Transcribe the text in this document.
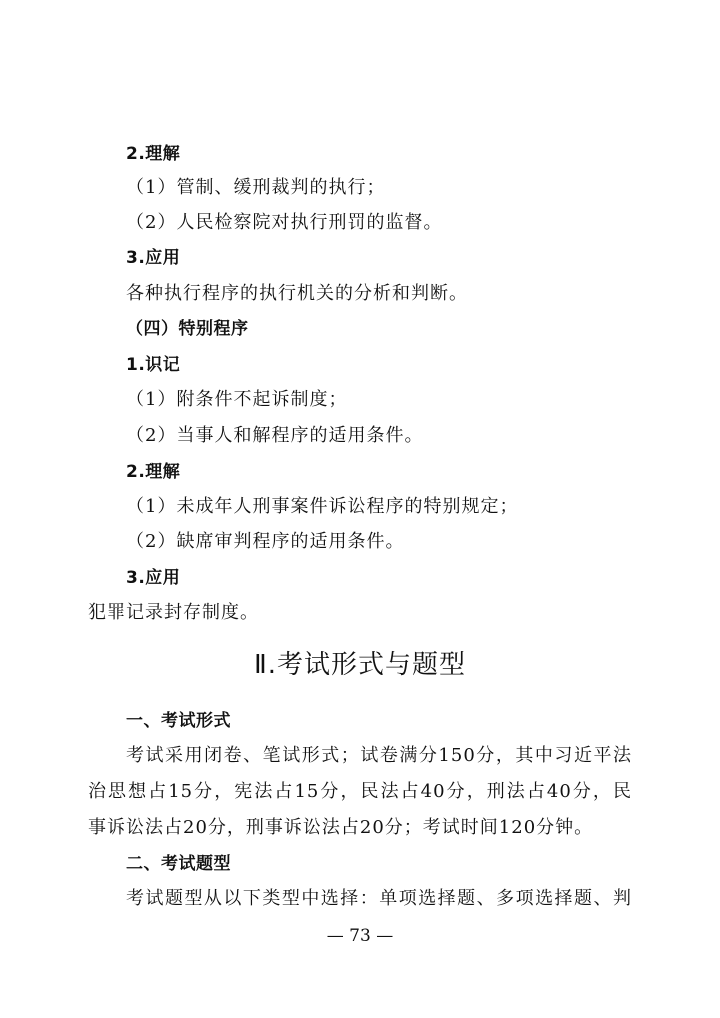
2.理解
（1）管制、缓刑裁判的执行；
（2）人民检察院对执行刑罚的监督。
3.应用
各种执行程序的执行机关的分析和判断。
（四）特别程序
1.识记
（1）附条件不起诉制度；
（2）当事人和解程序的适用条件。
2.理解
（1）未成年人刑事案件诉讼程序的特别规定；
（2）缺席审判程序的适用条件。
3.应用
犯罪记录封存制度。
Ⅱ.考试形式与题型
一、考试形式
考试采用闭卷、笔试形式；试卷满分150分，其中习近平法
治思想占15分，宪法占15分，民法占40分，刑法占40分，民
事诉讼法占20分，刑事诉讼法占20分；考试时间120分钟。
二、考试题型
考试题型从以下类型中选择：单项选择题、多项选择题、判
— 73 —
